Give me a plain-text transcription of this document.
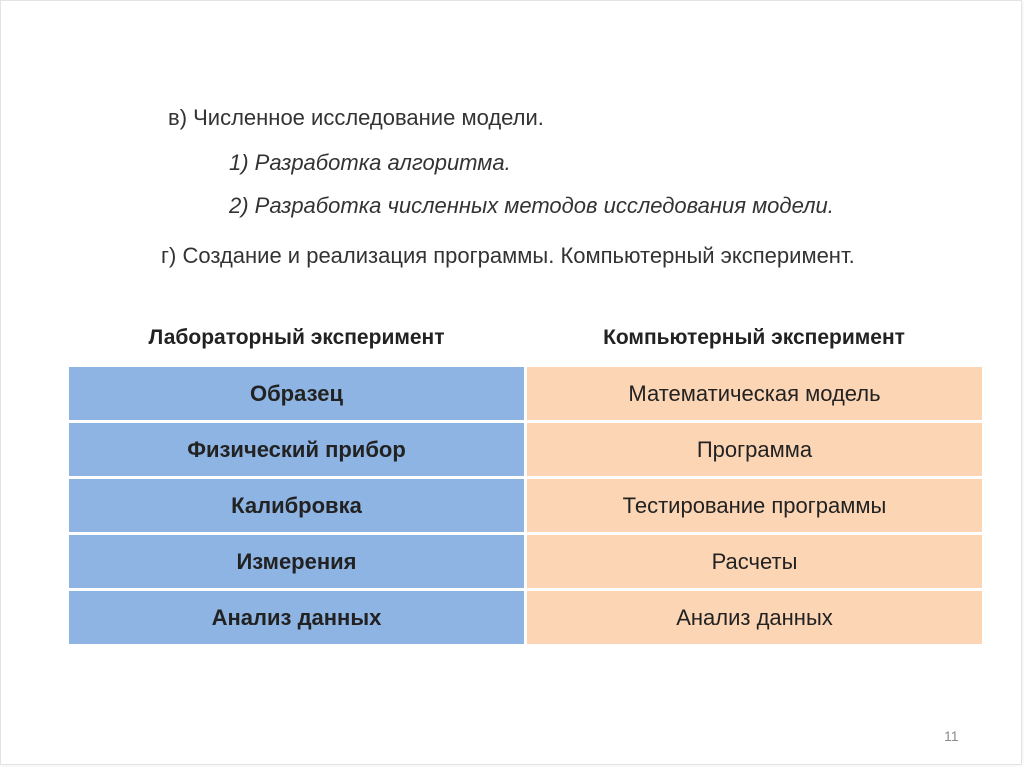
в) Численное исследование модели.
1) Разработка алгоритма.
2) Разработка численных методов исследования модели.
г) Создание и реализация программы. Компьютерный эксперимент.
Лабораторный эксперимент	Компьютерный эксперимент
Образец	Математическая модель
Физический прибор	Программа
Калибровка	Тестирование программы
Измерения	Расчеты
Анализ данных	Анализ данных
11
